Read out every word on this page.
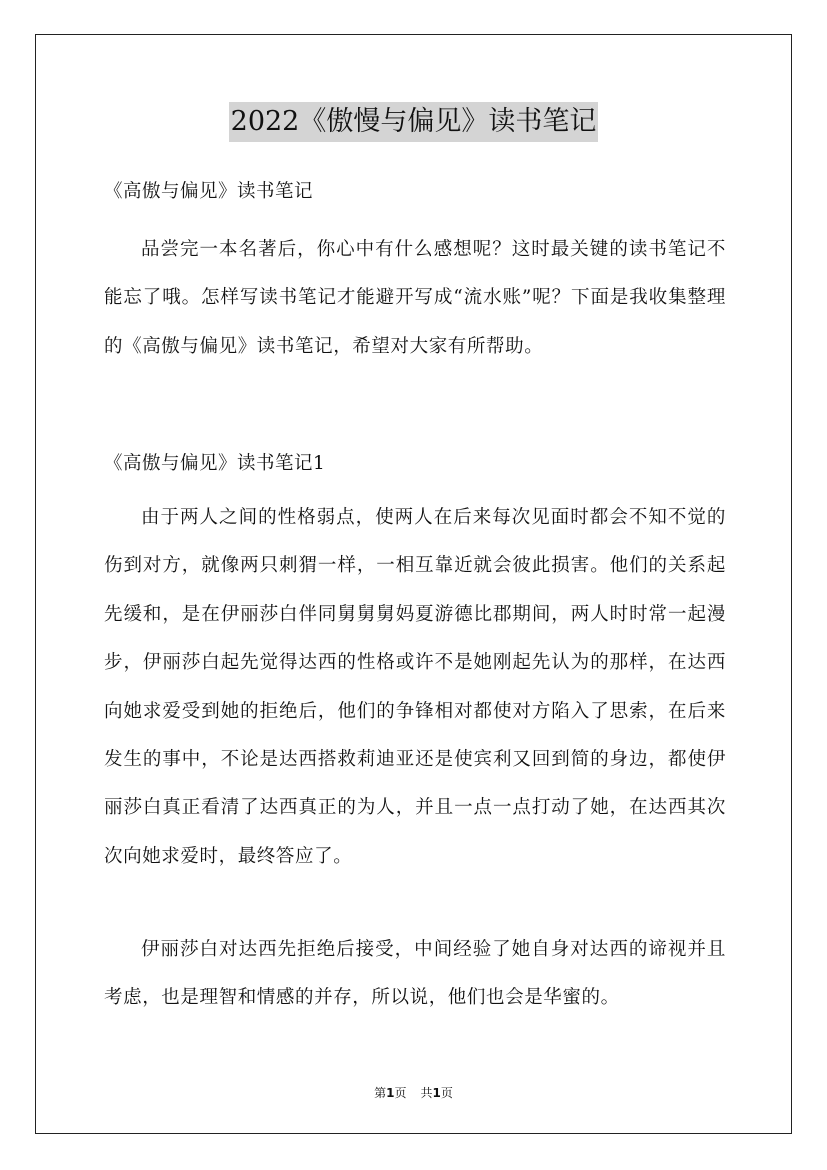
2022《傲慢与偏见》读书笔记

《高傲与偏见》读书笔记

品尝完一本名著后，你心中有什么感想呢？这时最关键的读书笔记不能忘了哦。怎样写读书笔记才能避开写成“流水账”呢？下面是我收集整理的《高傲与偏见》读书笔记，希望对大家有所帮助。

《高傲与偏见》读书笔记1

由于两人之间的性格弱点，使两人在后来每次见面时都会不知不觉的伤到对方，就像两只刺猬一样，一相互靠近就会彼此损害。他们的关系起先缓和，是在伊丽莎白伴同舅舅舅妈夏游德比郡期间，两人时时常一起漫步，伊丽莎白起先觉得达西的性格或许不是她刚起先认为的那样，在达西向她求爱受到她的拒绝后，他们的争锋相对都使对方陷入了思索，在后来发生的事中，不论是达西搭救莉迪亚还是使宾利又回到简的身边，都使伊丽莎白真正看清了达西真正的为人，并且一点一点打动了她，在达西其次次向她求爱时，最终答应了。

伊丽莎白对达西先拒绝后接受，中间经验了她自身对达西的谛视并且考虑，也是理智和情感的并存，所以说，他们也会是华蜜的。

第1页 共1页
